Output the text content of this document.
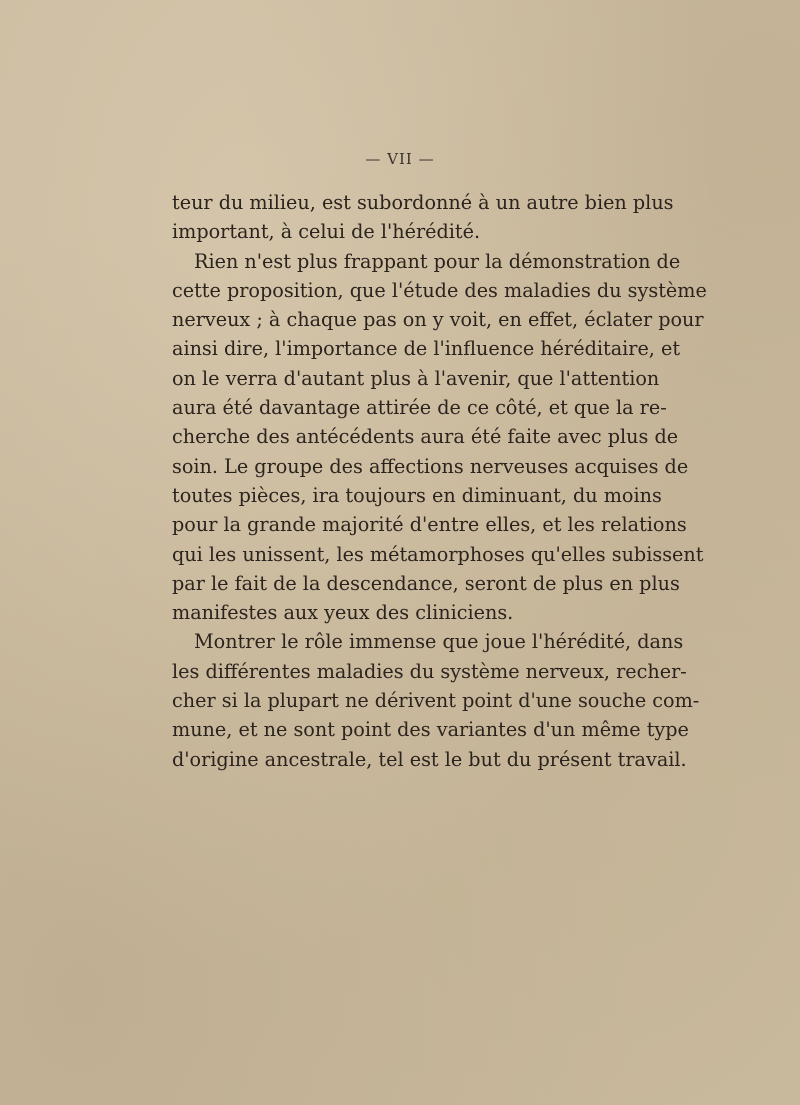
— VII —
teur du milieu, est subordonné à un autre bien plus
important, à celui de l'hérédité.
Rien n'est plus frappant pour la démonstration de
cette proposition, que l'étude des maladies du système
nerveux ; à chaque pas on y voit, en effet, éclater pour
ainsi dire, l'importance de l'influence héréditaire, et
on le verra d'autant plus à l'avenir, que l'attention
aura été davantage attirée de ce côté, et que la re-
cherche des antécédents aura été faite avec plus de
soin. Le groupe des affections nerveuses acquises de
toutes pièces, ira toujours en diminuant, du moins
pour la grande majorité d'entre elles, et les relations
qui les unissent, les métamorphoses qu'elles subissent
par le fait de la descendance, seront de plus en plus
manifestes aux yeux des cliniciens.
Montrer le rôle immense que joue l'hérédité, dans
les différentes maladies du système nerveux, recher-
cher si la plupart ne dérivent point d'une souche com-
mune, et ne sont point des variantes d'un même type
d'origine ancestrale, tel est le but du présent travail.
